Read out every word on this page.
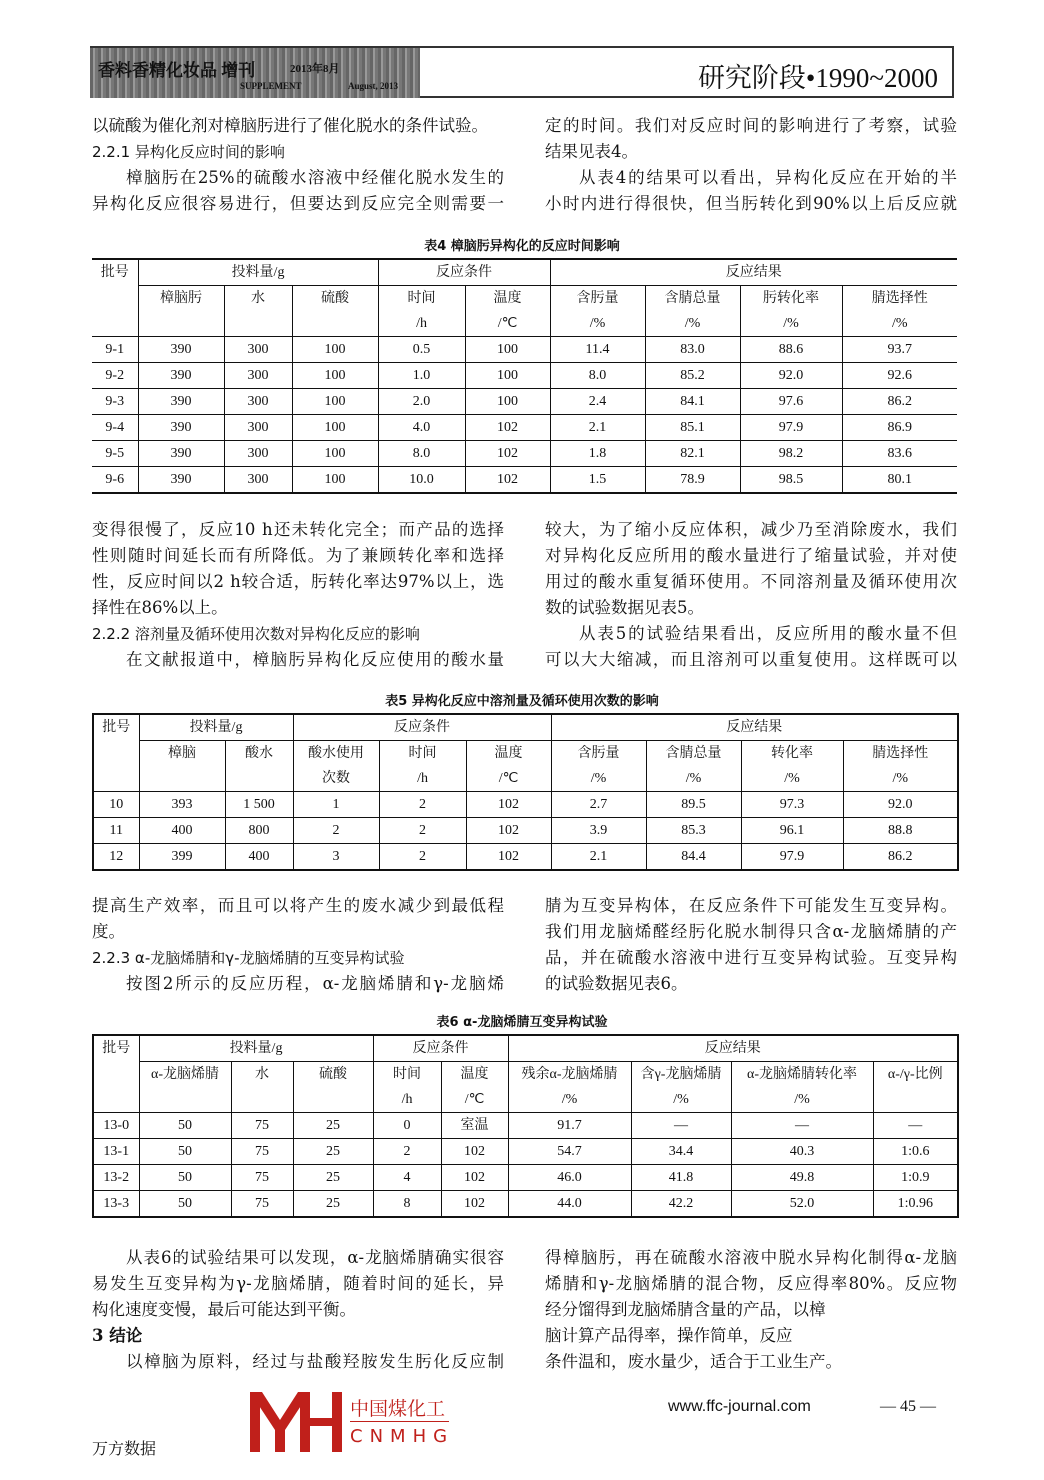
香料香精化妆品 增刊	2013年8月
SUPPLEMENT	August, 2013	研究阶段•1990~2000
以硫酸为催化剂对樟脑肟进行了催化脱水的条件试验。
2.2.1 异构化反应时间的影响
樟脑肟在25%的硫酸水溶液中经催化脱水发生的
异构化反应很容易进行，但要达到反应完全则需要一
定的时间。我们对反应时间的影响进行了考察，试验
结果见表4。
从表4的结果可以看出，异构化反应在开始的半
小时内进行得很快，但当肟转化到90%以上后反应就
表4 樟脑肟异构化的反应时间影响
批号	投料量/g			反应条件		反应结果			
	樟脑肟	水	硫酸	时间	温度	含肟量	含腈总量	肟转化率	腈选择性
				/h	/℃	/%	/%	/%	/%
9-1	390	300	100	0.5	100	11.4	83.0	88.6	93.7
9-2	390	300	100	1.0	100	8.0	85.2	92.0	92.6
9-3	390	300	100	2.0	100	2.4	84.1	97.6	86.2
9-4	390	300	100	4.0	102	2.1	85.1	97.9	86.9
9-5	390	300	100	8.0	102	1.8	82.1	98.2	83.6
9-6	390	300	100	10.0	102	1.5	78.9	98.5	80.1
变得很慢了，反应10 h还未转化完全；而产品的选择
性则随时间延长而有所降低。为了兼顾转化率和选择
性，反应时间以2 h较合适，肟转化率达97%以上，选
择性在86%以上。
2.2.2 溶剂量及循环使用次数对异构化反应的影响
在文献报道中，樟脑肟异构化反应使用的酸水量
较大，为了缩小反应体积，减少乃至消除废水，我们
对异构化反应所用的酸水量进行了缩量试验，并对使
用过的酸水重复循环使用。不同溶剂量及循环使用次
数的试验数据见表5。
从表5的试验结果看出，反应所用的酸水量不但
可以大大缩减，而且溶剂可以重复使用。这样既可以
表5 异构化反应中溶剂量及循环使用次数的影响
批号	投料量/g		反应条件			反应结果			
	樟脑	酸水	酸水使用	时间	温度	含肟量	含腈总量	转化率	腈选择性
			次数	/h	/℃	/%	/%	/%	/%
10	393	1 500	1	2	102	2.7	89.5	97.3	92.0
11	400	800	2	2	102	3.9	85.3	96.1	88.8
12	399	400	3	2	102	2.1	84.4	97.9	86.2
提高生产效率，而且可以将产生的废水减少到最低程
度。
2.2.3 α-龙脑烯腈和γ-龙脑烯腈的互变异构试验
按图2所示的反应历程，α-龙脑烯腈和γ-龙脑烯
腈为互变异构体，在反应条件下可能发生互变异构。
我们用龙脑烯醛经肟化脱水制得只含α-龙脑烯腈的产
品，并在硫酸水溶液中进行互变异构试验。互变异构
的试验数据见表6。
表6 α-龙脑烯腈互变异构试验
批号	投料量/g			反应条件		反应结果			
	α-龙脑烯腈	水	硫酸	时间	温度	残余α-龙脑烯腈	含γ-龙脑烯腈	α-龙脑烯腈转化率	α-/γ-比例
				/h	/℃	/%	/%	/%	
13-0	50	75	25	0	室温	91.7	—	—	—
13-1	50	75	25	2	102	54.7	34.4	40.3	1:0.6
13-2	50	75	25	4	102	46.0	41.8	49.8	1:0.9
13-3	50	75	25	8	102	44.0	42.2	52.0	1:0.96
从表6的试验结果可以发现，α-龙脑烯腈确实很容
易发生互变异构为γ-龙脑烯腈，随着时间的延长，异
构化速度变慢，最后可能达到平衡。
3 结论
以樟脑为原料，经过与盐酸羟胺发生肟化反应制
得樟脑肟，再在硫酸水溶液中脱水异构化制得α-龙脑
烯腈和γ-龙脑烯腈的混合物，反应得率80%。反应物
经分馏得到龙脑烯腈含量的产品，以樟
脑计算产品得率，操作简单，反应
条件温和，废水量少，适合于工业生产。
中国煤化工
CNMHG
www.ffc-journal.com	— 45 —
万方数据
